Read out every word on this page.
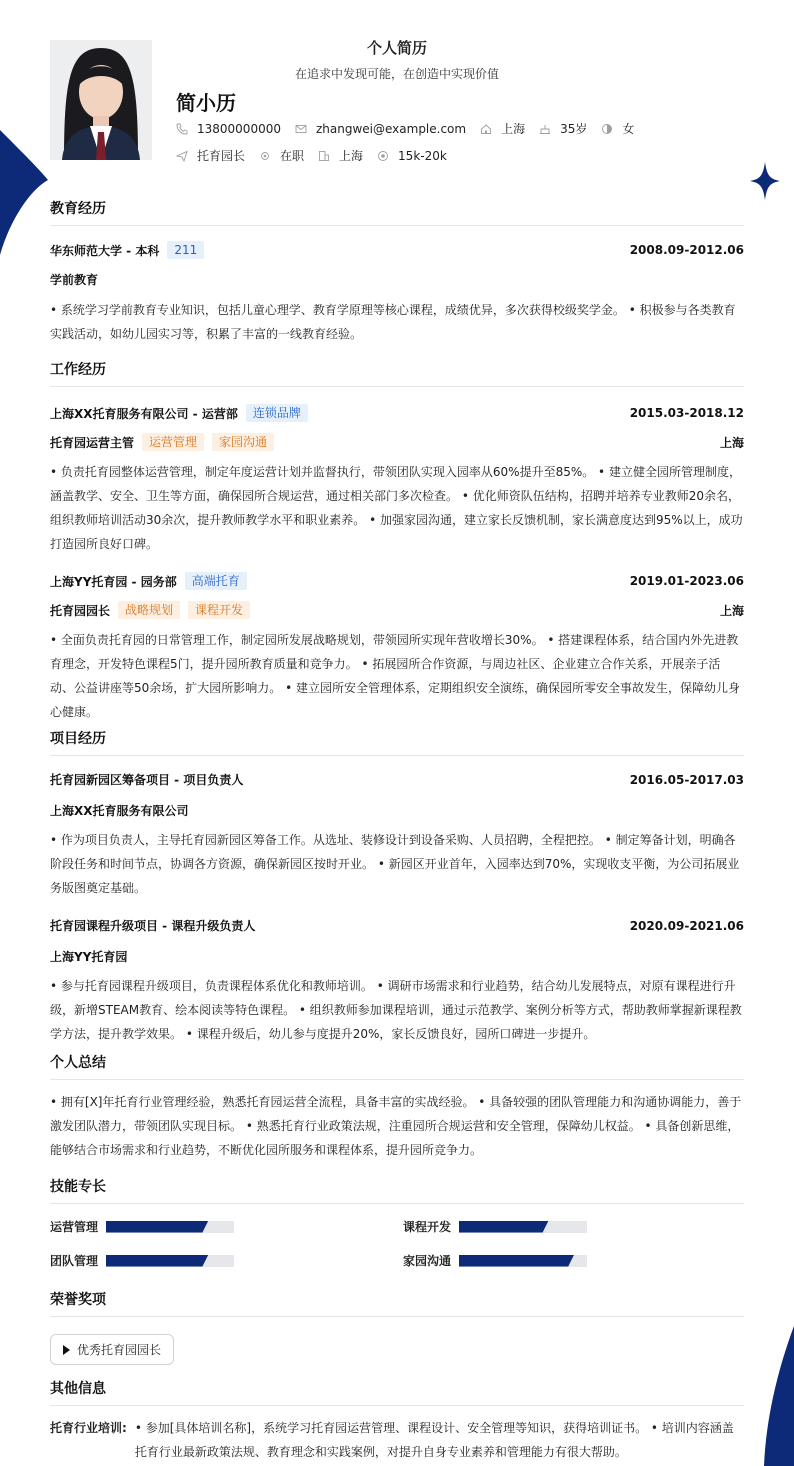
个人简历
在追求中发现可能，在创造中实现价值
简小历
13800000000	zhangwei@example.com	上海	35岁	女
托育园长	在职	上海	15k-20k
教育经历
华东师范大学 - 本科	211	2008.09-2012.06
学前教育
• 系统学习学前教育专业知识，包括儿童心理学、教育学原理等核心课程，成绩优异，多次获得校级奖学金。 • 积极参与各类教育实践活动，如幼儿园实习等，积累了丰富的一线教育经验。
工作经历
上海XX托育服务有限公司 - 运营部	连锁品牌	2015.03-2018.12
托育园运营主管	运营管理	家园沟通	上海
• 负责托育园整体运营管理，制定年度运营计划并监督执行，带领团队实现入园率从60%提升至85%。 • 建立健全园所管理制度，涵盖教学、安全、卫生等方面，确保园所合规运营，通过相关部门多次检查。 • 优化师资队伍结构，招聘并培养专业教师20余名，组织教师培训活动30余次，提升教师教学水平和职业素养。 • 加强家园沟通，建立家长反馈机制，家长满意度达到95%以上，成功打造园所良好口碑。
上海YY托育园 - 园务部	高端托育	2019.01-2023.06
托育园园长	战略规划	课程开发	上海
• 全面负责托育园的日常管理工作，制定园所发展战略规划，带领园所实现年营收增长30%。 • 搭建课程体系，结合国内外先进教育理念，开发特色课程5门，提升园所教育质量和竞争力。 • 拓展园所合作资源，与周边社区、企业建立合作关系，开展亲子活动、公益讲座等50余场，扩大园所影响力。 • 建立园所安全管理体系，定期组织安全演练，确保园所零安全事故发生，保障幼儿身心健康。
项目经历
托育园新园区筹备项目 - 项目负责人	2016.05-2017.03
上海XX托育服务有限公司
• 作为项目负责人，主导托育园新园区筹备工作。从选址、装修设计到设备采购、人员招聘，全程把控。 • 制定筹备计划，明确各阶段任务和时间节点，协调各方资源，确保新园区按时开业。 • 新园区开业首年，入园率达到70%，实现收支平衡，为公司拓展业务版图奠定基础。
托育园课程升级项目 - 课程升级负责人	2020.09-2021.06
上海YY托育园
• 参与托育园课程升级项目，负责课程体系优化和教师培训。 • 调研市场需求和行业趋势，结合幼儿发展特点，对原有课程进行升级，新增STEAM教育、绘本阅读等特色课程。 • 组织教师参加课程培训，通过示范教学、案例分析等方式，帮助教师掌握新课程教学方法，提升教学效果。 • 课程升级后，幼儿参与度提升20%，家长反馈良好，园所口碑进一步提升。
个人总结
• 拥有[X]年托育行业管理经验，熟悉托育园运营全流程，具备丰富的实战经验。 • 具备较强的团队管理能力和沟通协调能力，善于激发团队潜力，带领团队实现目标。 • 熟悉托育行业政策法规，注重园所合规运营和安全管理，保障幼儿权益。 • 具备创新思维，能够结合市场需求和行业趋势，不断优化园所服务和课程体系，提升园所竞争力。
技能专长
运营管理	课程开发
团队管理	家园沟通
荣誉奖项
优秀托育园园长
其他信息
托育行业培训: • 参加[具体培训名称]，系统学习托育园运营管理、课程设计、安全管理等知识，获得培训证书。 • 培训内容涵盖托育行业最新政策法规、教育理念和实践案例，对提升自身专业素养和管理能力有很大帮助。
